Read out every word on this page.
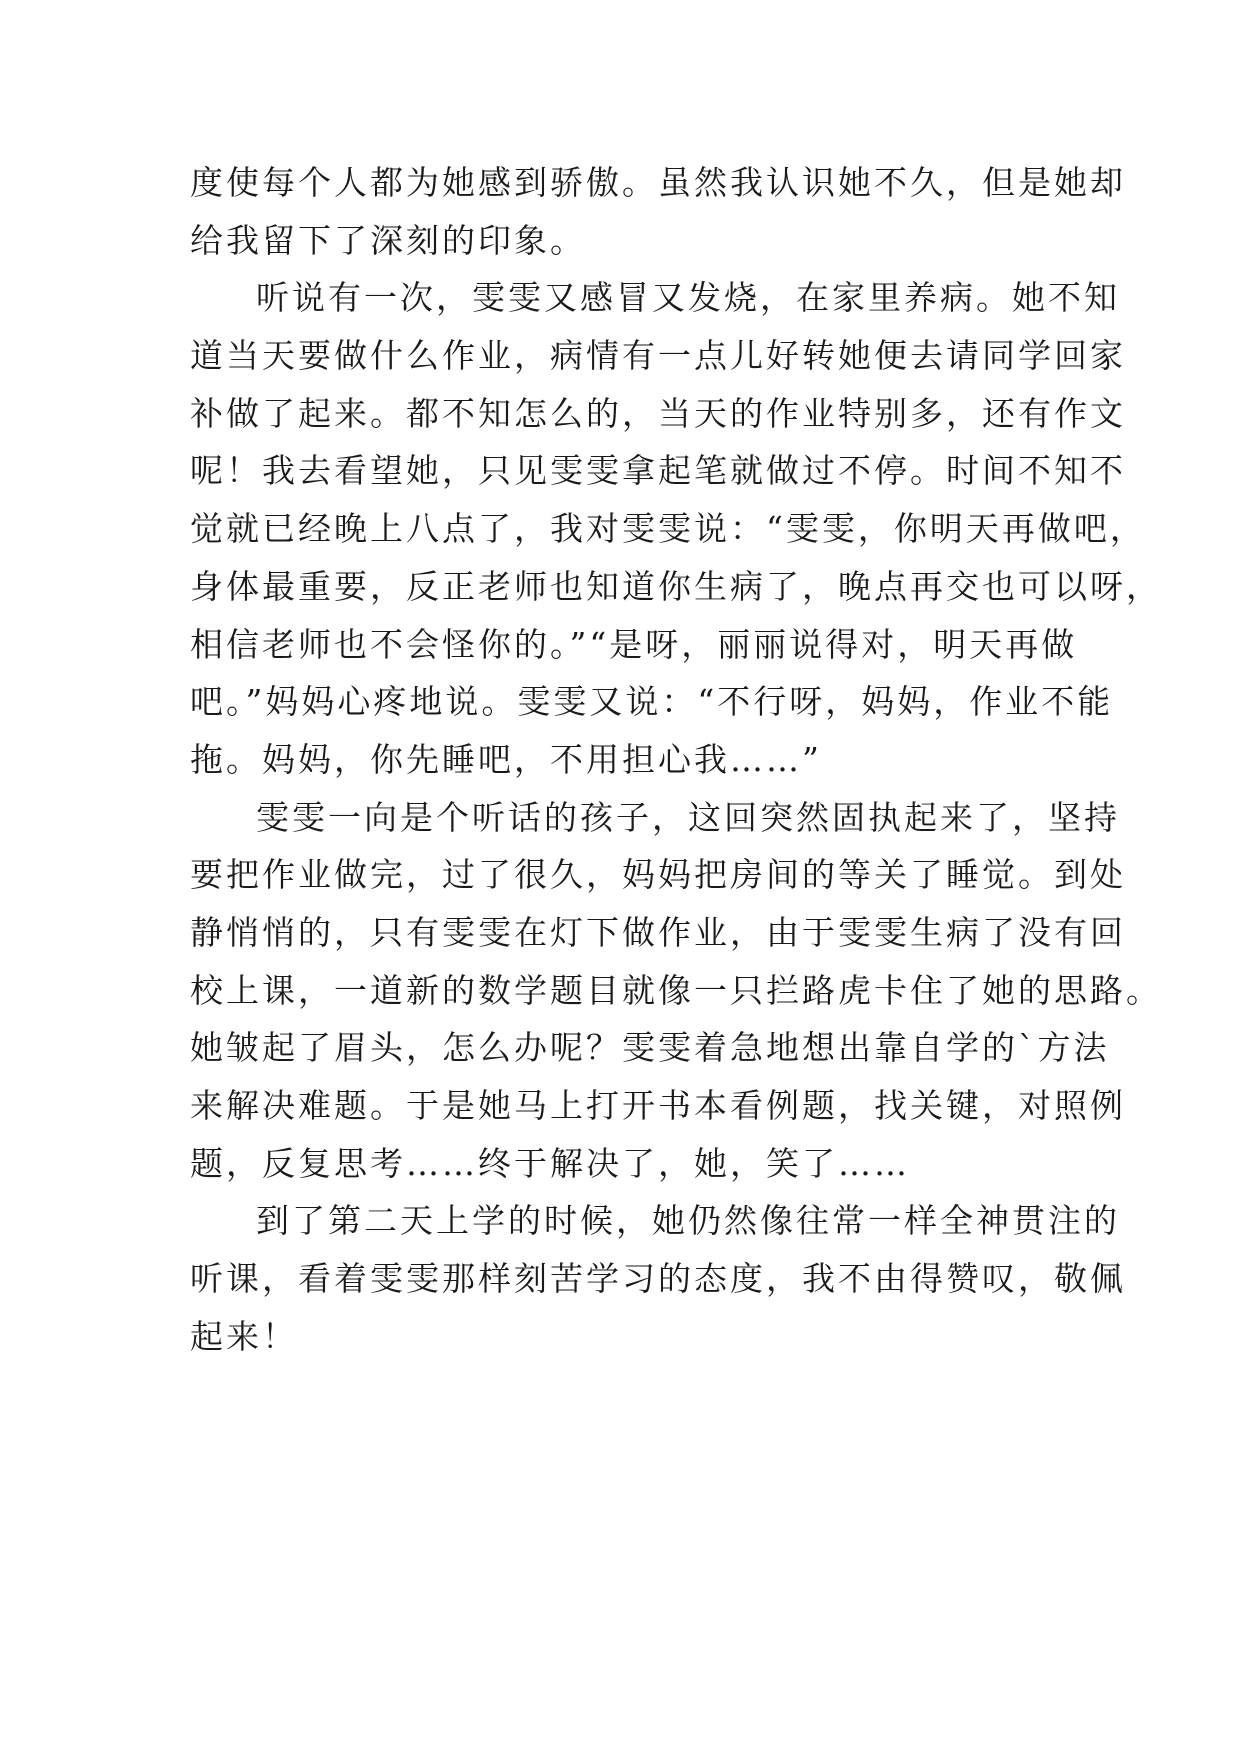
度使每个人都为她感到骄傲。虽然我认识她不久，但是她却
给我留下了深刻的印象。
听说有一次，雯雯又感冒又发烧，在家里养病。她不知
道当天要做什么作业，病情有一点儿好转她便去请同学回家
补做了起来。都不知怎么的，当天的作业特别多，还有作文
呢！我去看望她，只见雯雯拿起笔就做过不停。时间不知不
觉就已经晚上八点了，我对雯雯说：“雯雯，你明天再做吧，
身体最重要，反正老师也知道你生病了，晚点再交也可以呀，
相信老师也不会怪你的。”“是呀，丽丽说得对，明天再做
吧。”妈妈心疼地说。雯雯又说：“不行呀，妈妈，作业不能
拖。妈妈，你先睡吧，不用担心我……”
雯雯一向是个听话的孩子，这回突然固执起来了，坚持
要把作业做完，过了很久，妈妈把房间的等关了睡觉。到处
静悄悄的，只有雯雯在灯下做作业，由于雯雯生病了没有回
校上课，一道新的数学题目就像一只拦路虎卡住了她的思路。
她皱起了眉头，怎么办呢？雯雯着急地想出靠自学的`方法
来解决难题。于是她马上打开书本看例题，找关键，对照例
题，反复思考……终于解决了，她，笑了……
到了第二天上学的时候，她仍然像往常一样全神贯注的
听课，看着雯雯那样刻苦学习的态度，我不由得赞叹，敬佩
起来！
